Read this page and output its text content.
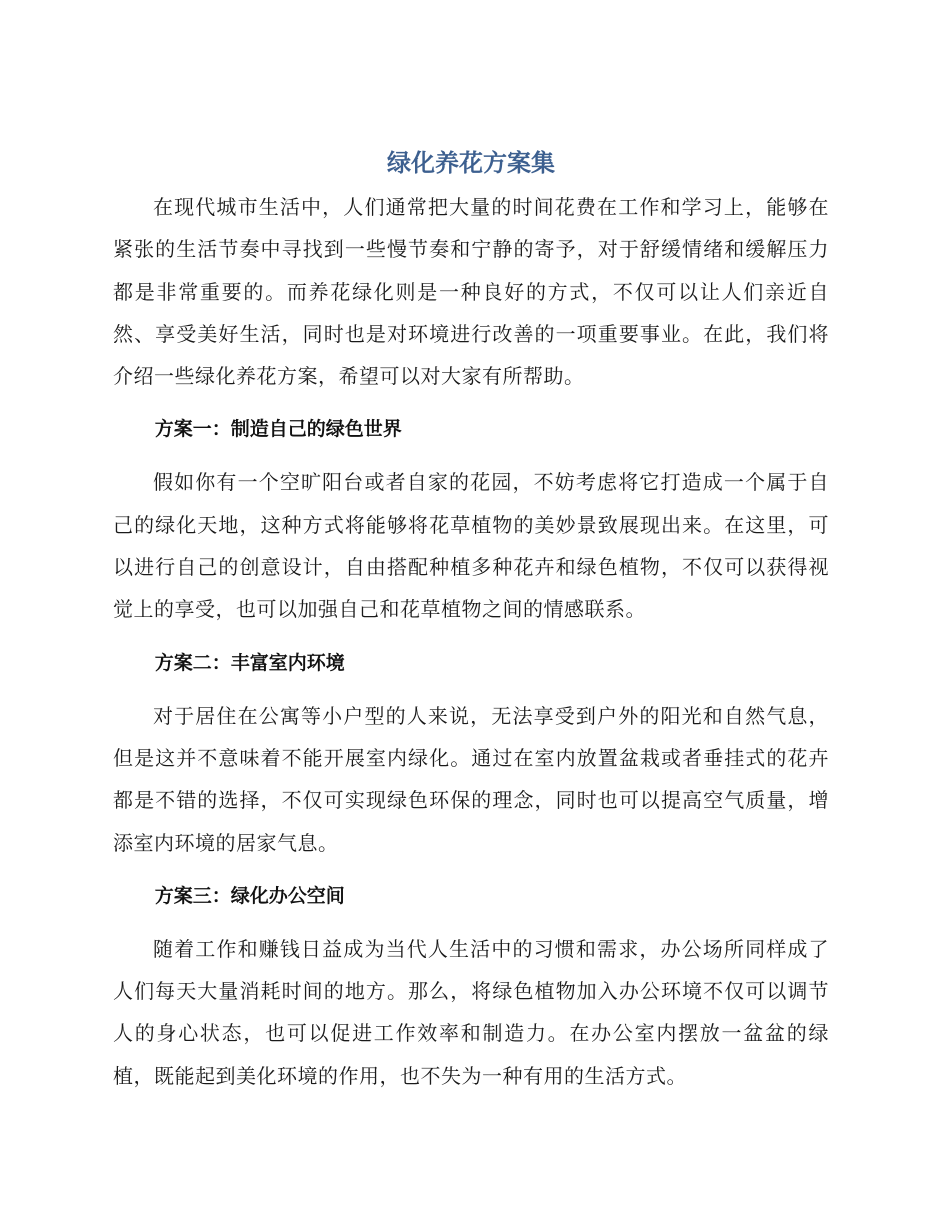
绿化养花方案集

在现代城市生活中，人们通常把大量的时间花费在工作和学习上，能够在紧张的生活节奏中寻找到一些慢节奏和宁静的寄予，对于舒缓情绪和缓解压力都是非常重要的。而养花绿化则是一种良好的方式，不仅可以让人们亲近自然、享受美好生活，同时也是对环境进行改善的一项重要事业。在此，我们将介绍一些绿化养花方案，希望可以对大家有所帮助。

方案一：制造自己的绿色世界

假如你有一个空旷阳台或者自家的花园，不妨考虑将它打造成一个属于自己的绿化天地，这种方式将能够将花草植物的美妙景致展现出来。在这里，可以进行自己的创意设计，自由搭配种植多种花卉和绿色植物，不仅可以获得视觉上的享受，也可以加强自己和花草植物之间的情感联系。

方案二：丰富室内环境

对于居住在公寓等小户型的人来说，无法享受到户外的阳光和自然气息，但是这并不意味着不能开展室内绿化。通过在室内放置盆栽或者垂挂式的花卉都是不错的选择，不仅可实现绿色环保的理念，同时也可以提高空气质量，增添室内环境的居家气息。

方案三：绿化办公空间

随着工作和赚钱日益成为当代人生活中的习惯和需求，办公场所同样成了人们每天大量消耗时间的地方。那么，将绿色植物加入办公环境不仅可以调节人的身心状态，也可以促进工作效率和制造力。在办公室内摆放一盆盆的绿植，既能起到美化环境的作用，也不失为一种有用的生活方式。
